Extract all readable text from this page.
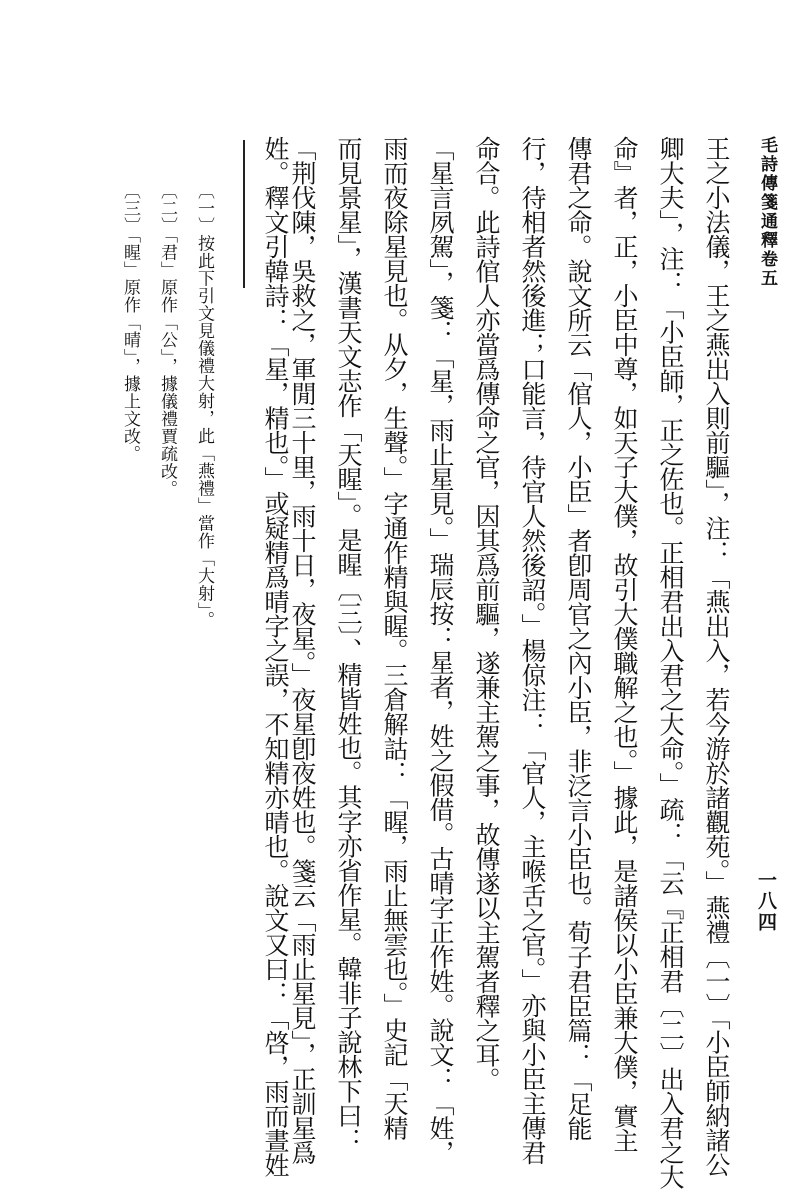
毛詩傳箋通釋卷五
一八四
王之小法儀，王之燕出入則前驅」，注：「燕出入，若今游於諸觀苑。」燕禮〔一〕「小臣師納諸公
卿大夫」，注：「小臣師，正之佐也。正相君出入君之大命。」疏：「云『正相君〔二〕出入君之大
命』者，正，小臣中尊，如天子大僕，故引大僕職解之也。」據此，是諸侯以小臣兼大僕，實主
傳君之命。說文所云「倌人，小臣」者卽周官之內小臣，非泛言小臣也。荀子君臣篇：「足能
行，待相者然後進；口能言，待官人然後詔。」楊倞注：「官人，主喉舌之官。」亦與小臣主傳君
命合。此詩倌人亦當爲傳命之官，因其爲前驅，遂兼主駕之事，故傳遂以主駕者釋之耳。
「星言夙駕」，箋：「星，雨止星見。」瑞辰按：星者，姓之假借。古晴字正作姓。說文：「姓，
雨而夜除星見也。从夕，生聲。」字通作精與睲。三倉解詁：「睲，雨止無雲也。」史記「天精
而見景星」，漢書天文志作「天睲」。是睲〔三〕、精皆姓也。其字亦省作星。韓非子說林下曰：
「荆伐陳，吳救之，軍閒三十里，雨十日，夜星。」夜星卽夜姓也。箋云「雨止星見」，正訓星爲
姓。釋文引韓詩：「星，精也。」或疑精爲晴字之誤，不知精亦晴也。說文又曰：「啓，雨而晝姓
〔一〕按此下引文見儀禮大射，此「燕禮」當作「大射」。
〔二〕「君」原作「公」，據儀禮賈疏改。
〔三〕「睲」原作「晴」，據上文改。
